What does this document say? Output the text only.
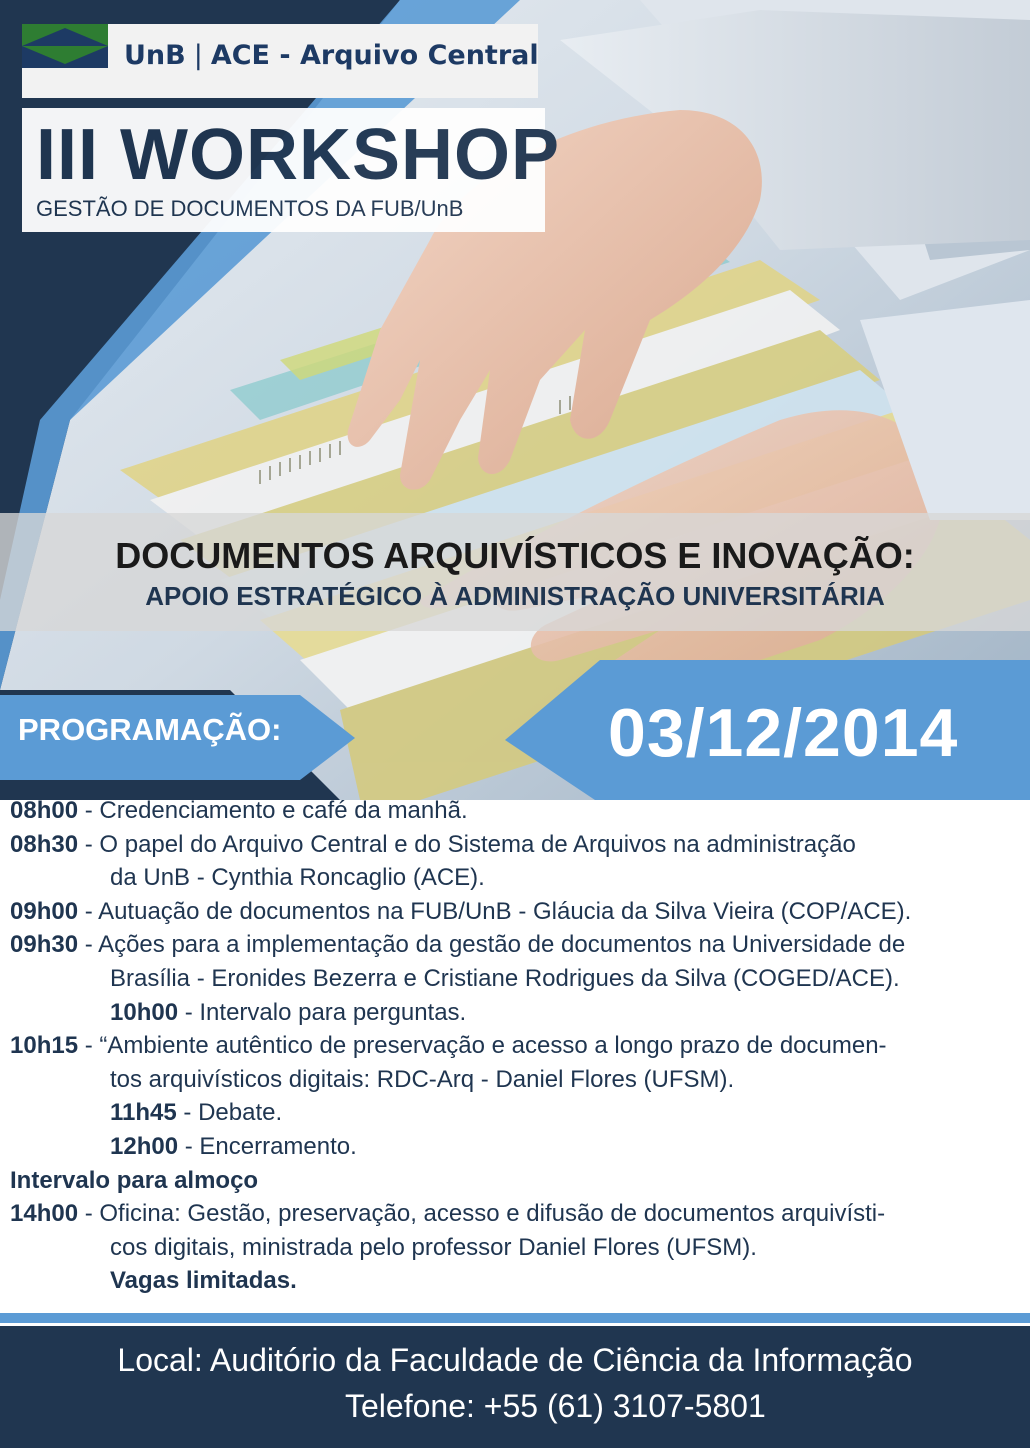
UnB | ACE - Arquivo Central
III WORKSHOP
GESTÃO DE DOCUMENTOS DA FUB/UnB
DOCUMENTOS ARQUIVÍSTICOS E INOVAÇÃO:
APOIO ESTRATÉGICO À ADMINISTRAÇÃO UNIVERSITÁRIA
PROGRAMAÇÃO:	03/12/2014
08h00 - Credenciamento e café da manhã.
08h30 - O papel do Arquivo Central e do Sistema de Arquivos na administração
da UnB - Cynthia Roncaglio (ACE).
09h00 - Autuação de documentos na FUB/UnB - Gláucia da Silva Vieira (COP/ACE).
09h30 - Ações para a implementação da gestão de documentos na Universidade de
Brasília - Eronides Bezerra e Cristiane Rodrigues da Silva (COGED/ACE).
10h00 - Intervalo para perguntas.
10h15 - “Ambiente autêntico de preservação e acesso a longo prazo de documen-
tos arquivísticos digitais: RDC-Arq - Daniel Flores (UFSM).
11h45 - Debate.
12h00 - Encerramento.
Intervalo para almoço
14h00 - Oficina: Gestão, preservação, acesso e difusão de documentos arquivísti-
cos digitais, ministrada pelo professor Daniel Flores (UFSM).
Vagas limitadas.
Local: Auditório da Faculdade de Ciência da Informação
Telefone: +55 (61) 3107-5801
